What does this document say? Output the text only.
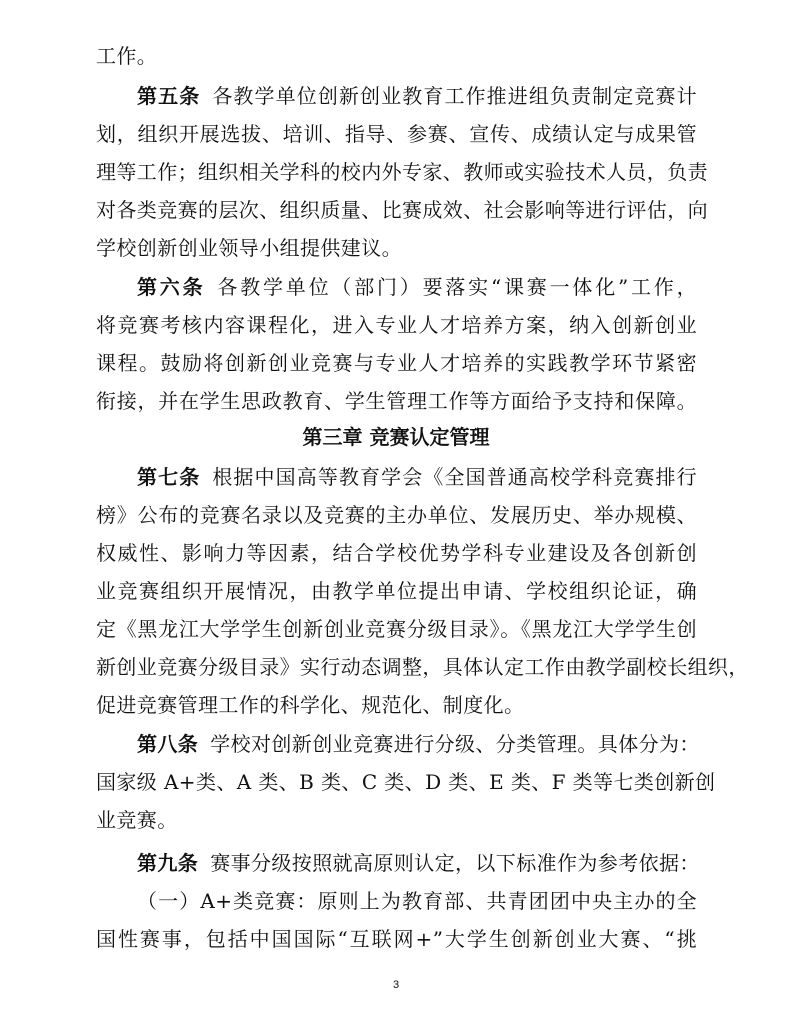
工作。
第五条 各教学单位创新创业教育工作推进组负责制定竞赛计
划，组织开展选拔、培训、指导、参赛、宣传、成绩认定与成果管
理等工作；组织相关学科的校内外专家、教师或实验技术人员，负责
对各类竞赛的层次、组织质量、比赛成效、社会影响等进行评估，向
学校创新创业领导小组提供建议。
第六条 各教学单位（部门）要落实“课赛一体化”工作，
将竞赛考核内容课程化，进入专业人才培养方案，纳入创新创业
课程。鼓励将创新创业竞赛与专业人才培养的实践教学环节紧密
衔接，并在学生思政教育、学生管理工作等方面给予支持和保障。
第三章 竞赛认定管理
第七条 根据中国高等教育学会《全国普通高校学科竞赛排行
榜》公布的竞赛名录以及竞赛的主办单位、发展历史、举办规模、
权威性、影响力等因素，结合学校优势学科专业建设及各创新创
业竞赛组织开展情况，由教学单位提出申请、学校组织论证，确
定《黑龙江大学学生创新创业竞赛分级目录》。《黑龙江大学学生创
新创业竞赛分级目录》实行动态调整，具体认定工作由教学副校长组织，
促进竞赛管理工作的科学化、规范化、制度化。
第八条 学校对创新创业竞赛进行分级、分类管理。具体分为：
国家级 A+类、A 类、B 类、C 类、D 类、E 类、F 类等七类创新创
业竞赛。
第九条 赛事分级按照就高原则认定，以下标准作为参考依据：
（一）A+类竞赛：原则上为教育部、共青团团中央主办的全
国性赛事，包括中国国际“互联网+”大学生创新创业大赛、“挑
3
